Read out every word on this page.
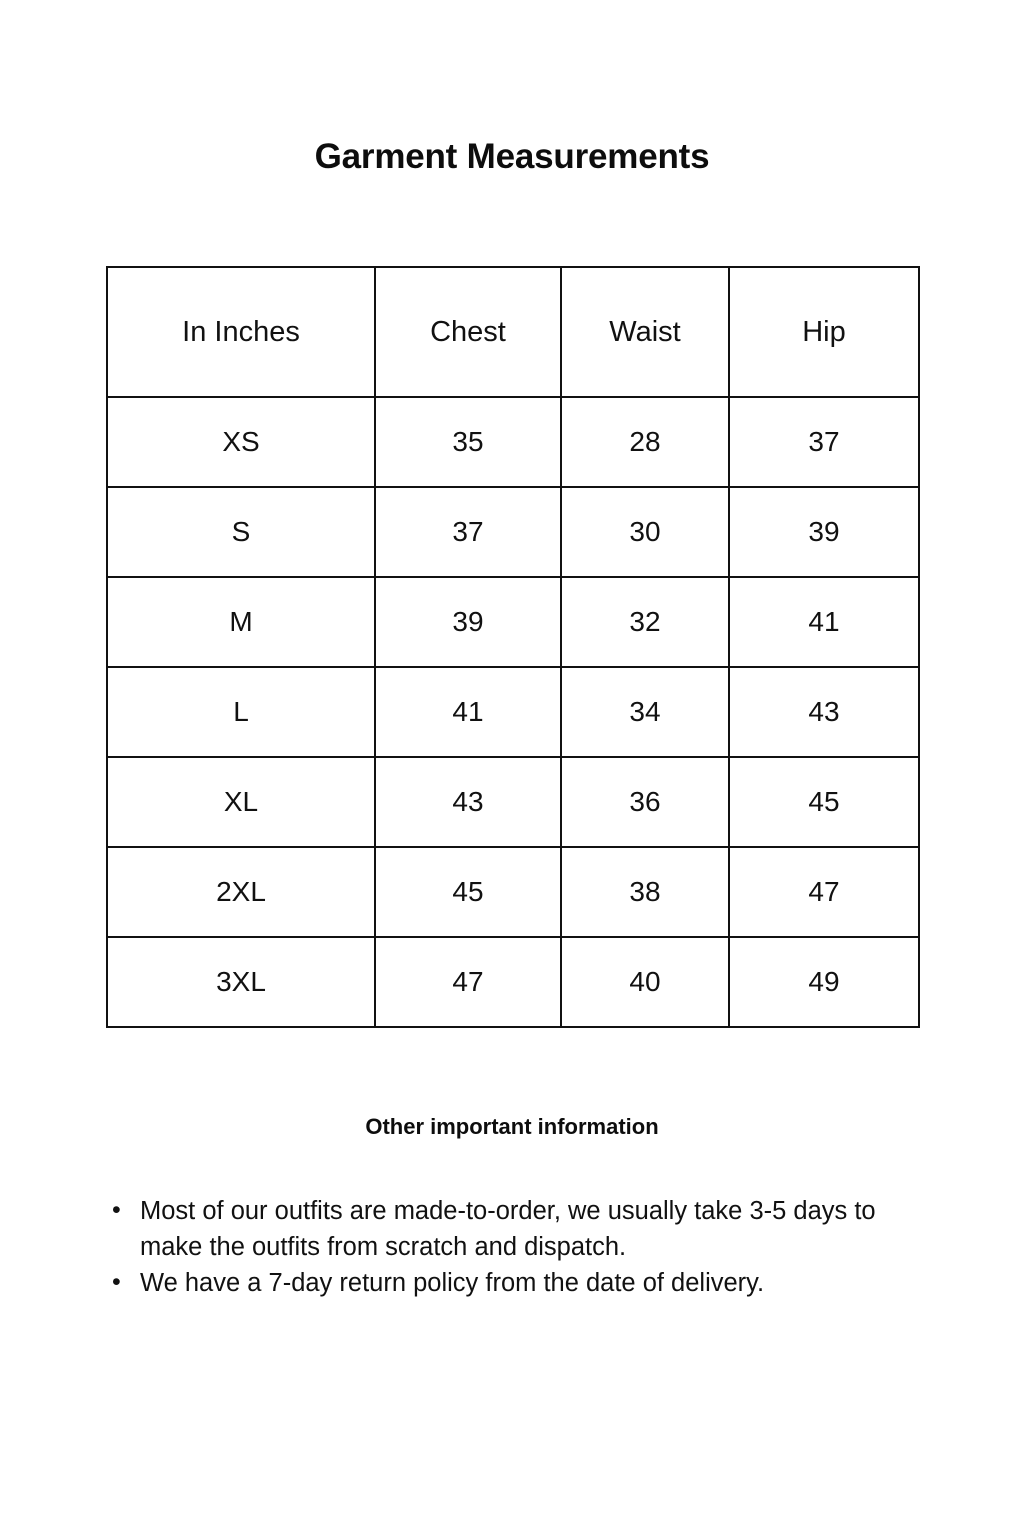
Garment Measurements
In Inches	Chest	Waist	Hip
XS	35	28	37
S	37	30	39
M	39	32	41
L	41	34	43
XL	43	36	45
2XL	45	38	47
3XL	47	40	49
Other important information
• Most of our outfits are made-to-order, we usually take 3-5 days to make the outfits from scratch and dispatch.
• We have a 7-day return policy from the date of delivery.
